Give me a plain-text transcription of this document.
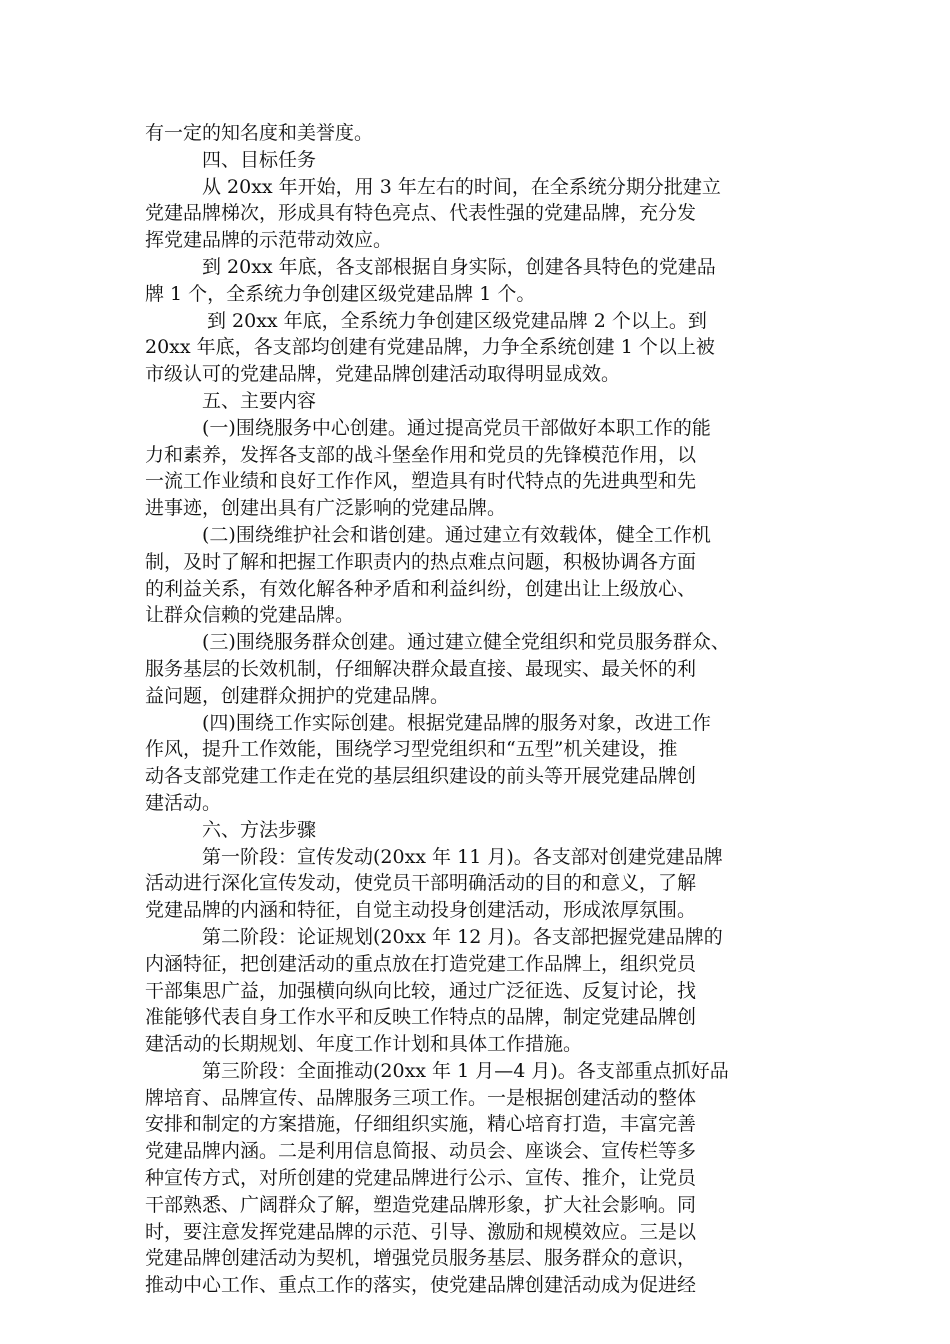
有一定的知名度和美誉度。
四、目标任务
从 20xx 年开始，用 3 年左右的时间，在全系统分期分批建立
党建品牌梯次，形成具有特色亮点、代表性强的党建品牌，充分发
挥党建品牌的示范带动效应。
到 20xx 年底，各支部根据自身实际，创建各具特色的党建品
牌 1 个，全系统力争创建区级党建品牌 1 个。
到 20xx 年底，全系统力争创建区级党建品牌 2 个以上。到
20xx 年底，各支部均创建有党建品牌，力争全系统创建 1 个以上被
市级认可的党建品牌，党建品牌创建活动取得明显成效。
五、主要内容
(一)围绕服务中心创建。通过提高党员干部做好本职工作的能
力和素养，发挥各支部的战斗堡垒作用和党员的先锋模范作用，以
一流工作业绩和良好工作作风，塑造具有时代特点的先进典型和先
进事迹，创建出具有广泛影响的党建品牌。
(二)围绕维护社会和谐创建。通过建立有效载体，健全工作机
制，及时了解和把握工作职责内的热点难点问题，积极协调各方面
的利益关系，有效化解各种矛盾和利益纠纷，创建出让上级放心、
让群众信赖的党建品牌。
(三)围绕服务群众创建。通过建立健全党组织和党员服务群众、
服务基层的长效机制，仔细解决群众最直接、最现实、最关怀的利
益问题，创建群众拥护的党建品牌。
(四)围绕工作实际创建。根据党建品牌的服务对象，改进工作
作风，提升工作效能，围绕学习型党组织和“五型”机关建设，推
动各支部党建工作走在党的基层组织建设的前头等开展党建品牌创
建活动。
六、方法步骤
第一阶段：宣传发动(20xx 年 11 月)。各支部对创建党建品牌
活动进行深化宣传发动，使党员干部明确活动的目的和意义，了解
党建品牌的内涵和特征，自觉主动投身创建活动，形成浓厚氛围。
第二阶段：论证规划(20xx 年 12 月)。各支部把握党建品牌的
内涵特征，把创建活动的重点放在打造党建工作品牌上，组织党员
干部集思广益，加强横向纵向比较，通过广泛征选、反复讨论，找
准能够代表自身工作水平和反映工作特点的品牌，制定党建品牌创
建活动的长期规划、年度工作计划和具体工作措施。
第三阶段：全面推动(20xx 年 1 月—4 月)。各支部重点抓好品
牌培育、品牌宣传、品牌服务三项工作。一是根据创建活动的整体
安排和制定的方案措施，仔细组织实施，精心培育打造，丰富完善
党建品牌内涵。二是利用信息简报、动员会、座谈会、宣传栏等多
种宣传方式，对所创建的党建品牌进行公示、宣传、推介，让党员
干部熟悉、广阔群众了解，塑造党建品牌形象，扩大社会影响。同
时，要注意发挥党建品牌的示范、引导、激励和规模效应。三是以
党建品牌创建活动为契机，增强党员服务基层、服务群众的意识，
推动中心工作、重点工作的落实，使党建品牌创建活动成为促进经
